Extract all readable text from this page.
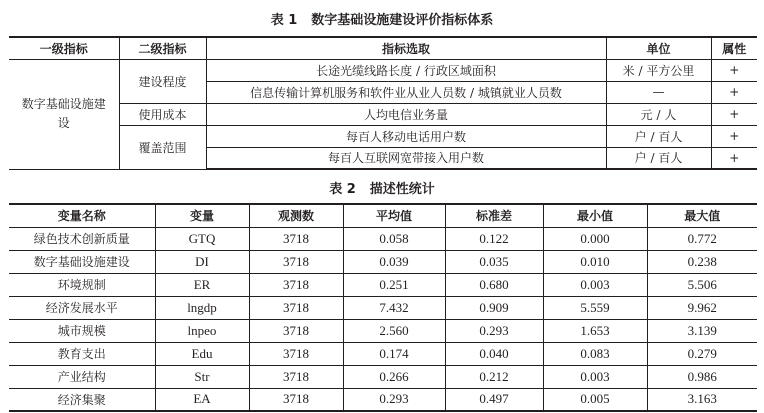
表 1 数字基础设施建设评价指标体系
一级指标	二级指标	指标选取	单位	属性
数字基础设施建设	建设程度	长途光缆线路长度 / 行政区域面积	米 / 平方公里	+
		信息传输计算机服务和软件业从业人员数 / 城镇就业人员数	—	+
	使用成本	人均电信业务量	元 / 人	+
	覆盖范围	每百人移动电话用户数	户 / 百人	+
		每百人互联网宽带接入用户数	户 / 百人	+
表 2 描述性统计
变量名称	变量	观测数	平均值	标准差	最小值	最大值
绿色技术创新质量	GTQ	3718	0.058	0.122	0.000	0.772
数字基础设施建设	DI	3718	0.039	0.035	0.010	0.238
环境规制	ER	3718	0.251	0.680	0.003	5.506
经济发展水平	lngdp	3718	7.432	0.909	5.559	9.962
城市规模	lnpeo	3718	2.560	0.293	1.653	3.139
教育支出	Edu	3718	0.174	0.040	0.083	0.279
产业结构	Str	3718	0.266	0.212	0.003	0.986
经济集聚	EA	3718	0.293	0.497	0.005	3.163
